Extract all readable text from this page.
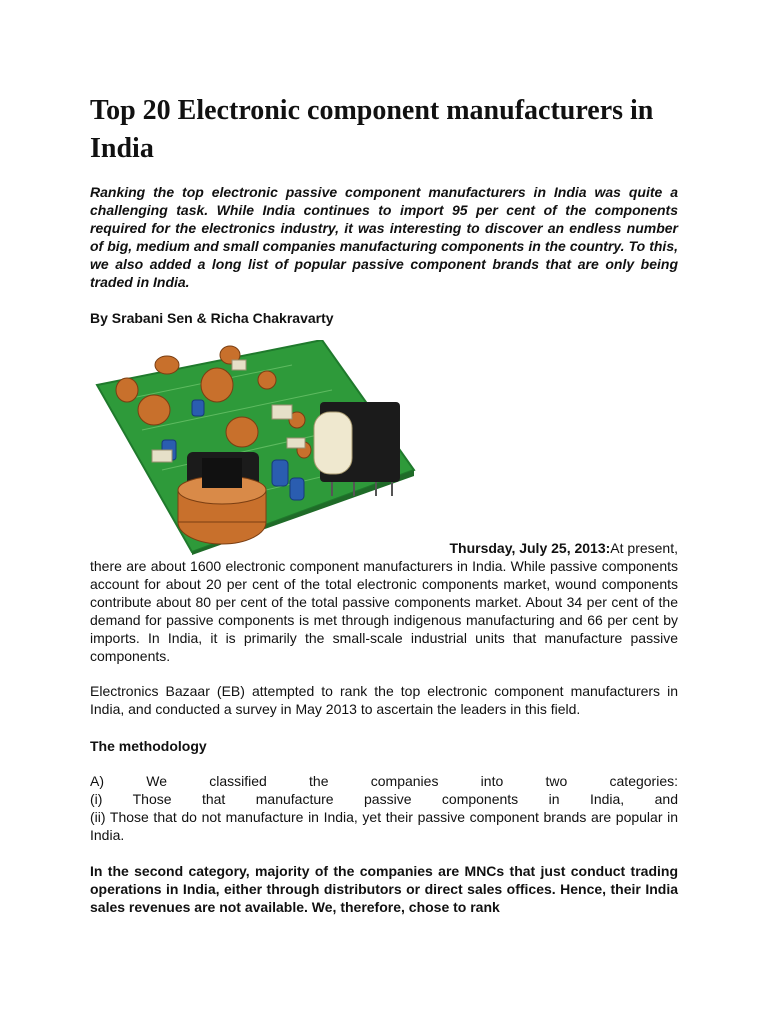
Top 20 Electronic component manufacturers in India

Ranking the top electronic passive component manufacturers in India was quite a challenging task. While India continues to import 95 per cent of the components required for the electronics industry, it was interesting to discover an endless number of big, medium and small companies manufacturing components in the country. To this, we also added a long list of popular passive component brands that are only being traded in India.

By Srabani Sen & Richa Chakravarty

Thursday, July 25, 2013:At present,
there are about 1600 electronic component manufacturers in India. While passive components account for about 20 per cent of the total electronic components market, wound components contribute about 80 per cent of the total passive components market. About 34 per cent of the demand for passive components is met through indigenous manufacturing and 66 per cent by imports. In India, it is primarily the small-scale industrial units that manufacture passive components.

Electronics Bazaar (EB) attempted to rank the top electronic component manufacturers in India, and conducted a survey in May 2013 to ascertain the leaders in this field.

The methodology

A) We classified the companies into two categories:
(i) Those that manufacture passive components in India, and
(ii) Those that do not manufacture in India, yet their passive component brands are popular in India.

In the second category, majority of the companies are MNCs that just conduct trading operations in India, either through distributors or direct sales offices. Hence, their India sales revenues are not available. We, therefore, chose to rank
